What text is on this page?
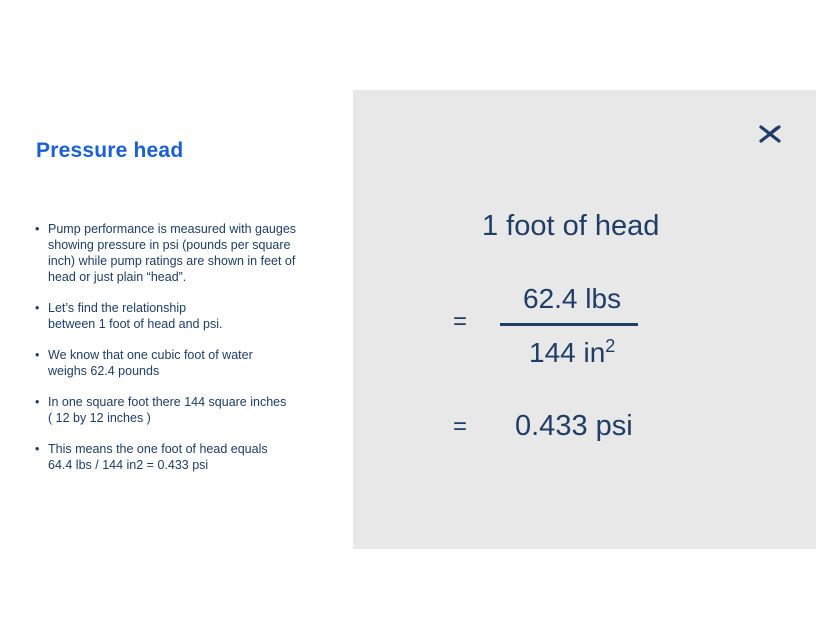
Pressure head
• Pump performance is measured with gauges
showing pressure in psi (pounds per square
inch) while pump ratings are shown in feet of
head or just plain “head”.
• Let’s find the relationship
between 1 foot of head and psi.
• We know that one cubic foot of water
weighs 62.4 pounds
• In one square foot there 144 square inches
( 12 by 12 inches )
• This means the one foot of head equals
64.4 lbs / 144 in2 = 0.433 psi
1 foot of head
=
62.4 lbs
144 $in^2$
= 0.433 psi
